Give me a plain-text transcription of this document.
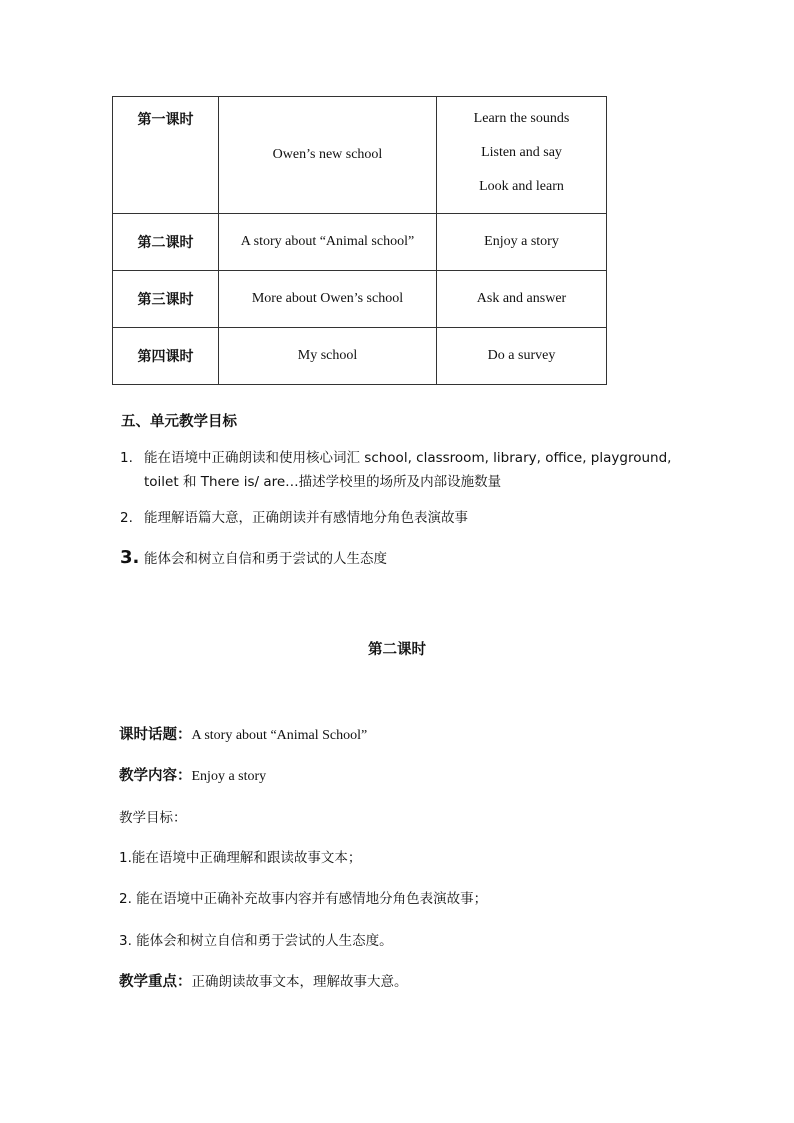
第一课时	Owen’s new school	Learn the sounds
Listen and say
Look and learn

第二课时	A story about “Animal school”	Enjoy a story
第三课时	More about Owen’s school	Ask and answer
第四课时	My school	Do a survey
五、单元教学目标
1. 能在语境中正确朗读和使用核心词汇 school, classroom, library, office, playground, toilet 和 There is/ are…描述学校里的场所及内部设施数量
2. 能理解语篇大意，正确朗读并有感情地分角色表演故事
3. 能体会和树立自信和勇于尝试的人生态度
第二课时
课时话题：A story about “Animal School”
教学内容：Enjoy a story
教学目标：
1.能在语境中正确理解和跟读故事文本；
2. 能在语境中正确补充故事内容并有感情地分角色表演故事；
3. 能体会和树立自信和勇于尝试的人生态度。
教学重点：正确朗读故事文本，理解故事大意。
